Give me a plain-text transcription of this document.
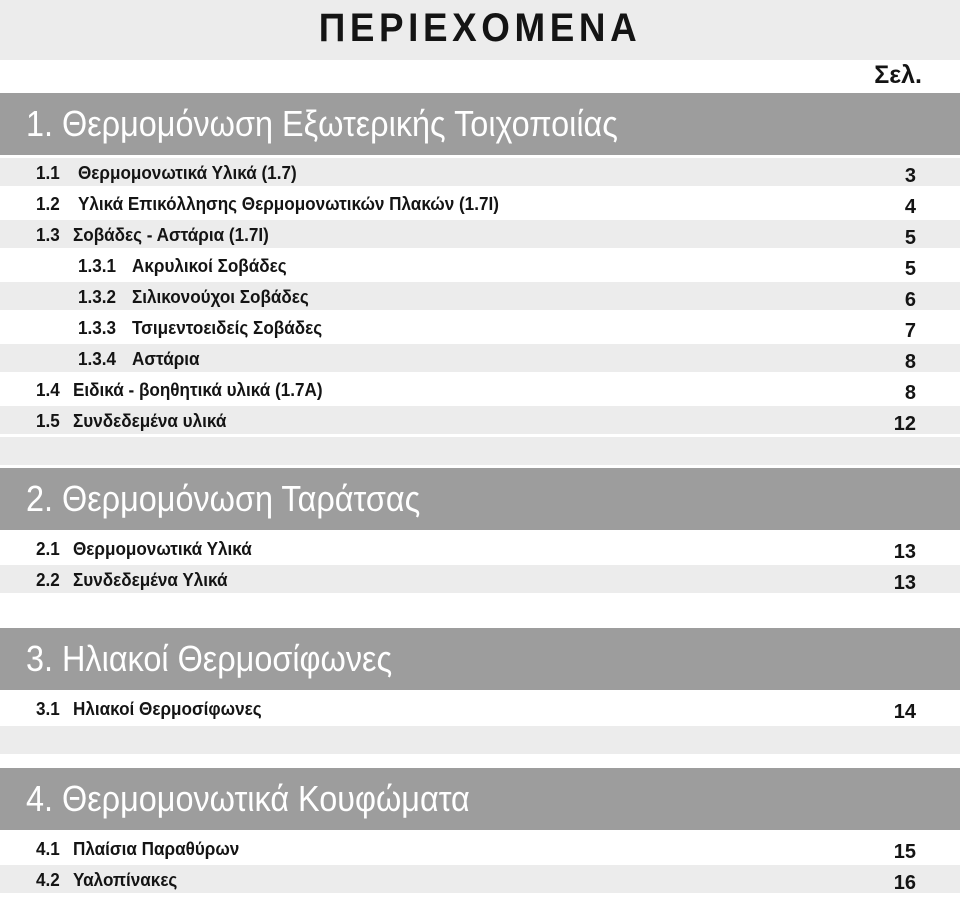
ΠΕΡΙΕΧΟΜΕΝΑ
Σελ.
1. Θερμομόνωση Εξωτερικής Τοιχοποιίας
1.1 Θερμομονωτικά Υλικά (1.7)	3
1.2 Υλικά Επικόλλησης Θερμομονωτικών Πλακών (1.7Ι)	4
1.3 Σοβάδες - Αστάρια (1.7Ι)	5
1.3.1 Ακρυλικοί Σοβάδες	5
1.3.2 Σιλικονούχοι Σοβάδες	6
1.3.3 Τσιμεντοειδείς Σοβάδες	7
1.3.4 Αστάρια	8
1.4 Ειδικά - βοηθητικά υλικά (1.7Α)	8
1.5 Συνδεδεμένα υλικά	12
2. Θερμομόνωση Ταράτσας
2.1 Θερμομονωτικά Υλικά	13
2.2 Συνδεδεμένα Υλικά	13
3. Ηλιακοί Θερμοσίφωνες
3.1 Ηλιακοί Θερμοσίφωνες	14
4. Θερμομονωτικά Κουφώματα
4.1 Πλαίσια Παραθύρων	15
4.2 Υαλοπίνακες	16
